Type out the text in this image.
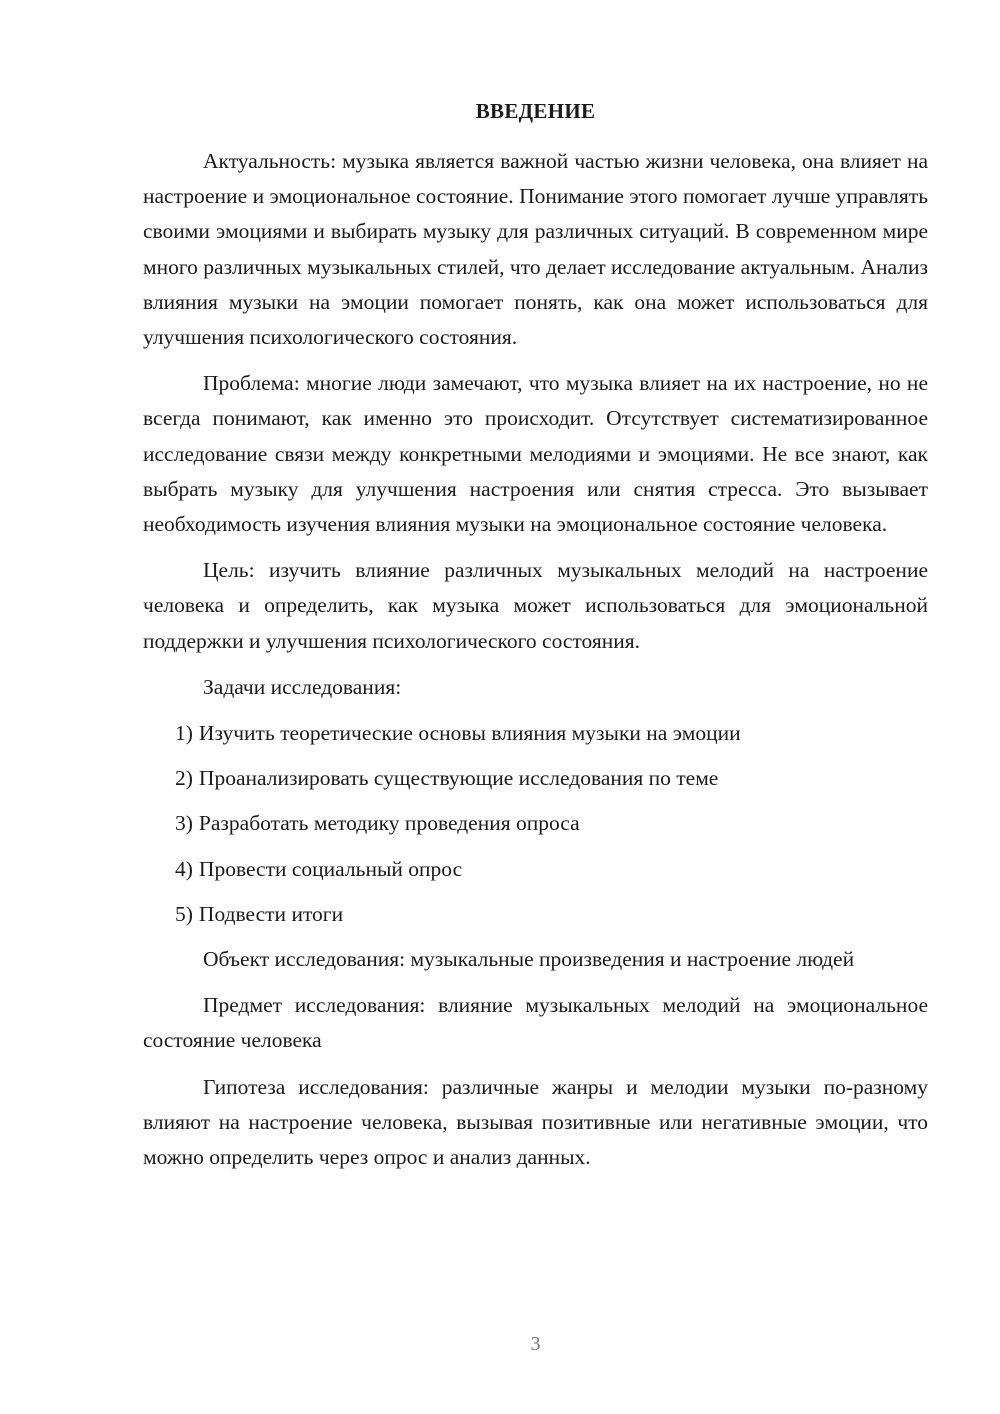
ВВЕДЕНИЕ

Актуальность: музыка является важной частью жизни человека, она влияет на настроение и эмоциональное состояние. Понимание этого помогает лучше управлять своими эмоциями и выбирать музыку для различных ситуаций. В современном мире много различных музыкальных стилей, что делает исследование актуальным. Анализ влияния музыки на эмоции помогает понять, как она может использоваться для улучшения психологического состояния.

Проблема: многие люди замечают, что музыка влияет на их настроение, но не всегда понимают, как именно это происходит. Отсутствует систематизированное исследование связи между конкретными мелодиями и эмоциями. Не все знают, как выбрать музыку для улучшения настроения или снятия стресса. Это вызывает необходимость изучения влияния музыки на эмоциональное состояние человека.

Цель: изучить влияние различных музыкальных мелодий на настроение человека и определить, как музыка может использоваться для эмоциональной поддержки и улучшения психологического состояния.

Задачи исследования:

1) Изучить теоретические основы влияния музыки на эмоции
2) Проанализировать существующие исследования по теме
3) Разработать методику проведения опроса
4) Провести социальный опрос
5) Подвести итоги

Объект исследования: музыкальные произведения и настроение людей

Предмет исследования: влияние музыкальных мелодий на эмоциональное состояние человека

Гипотеза исследования: различные жанры и мелодии музыки по-разному влияют на настроение человека, вызывая позитивные или негативные эмоции, что можно определить через опрос и анализ данных.

3
